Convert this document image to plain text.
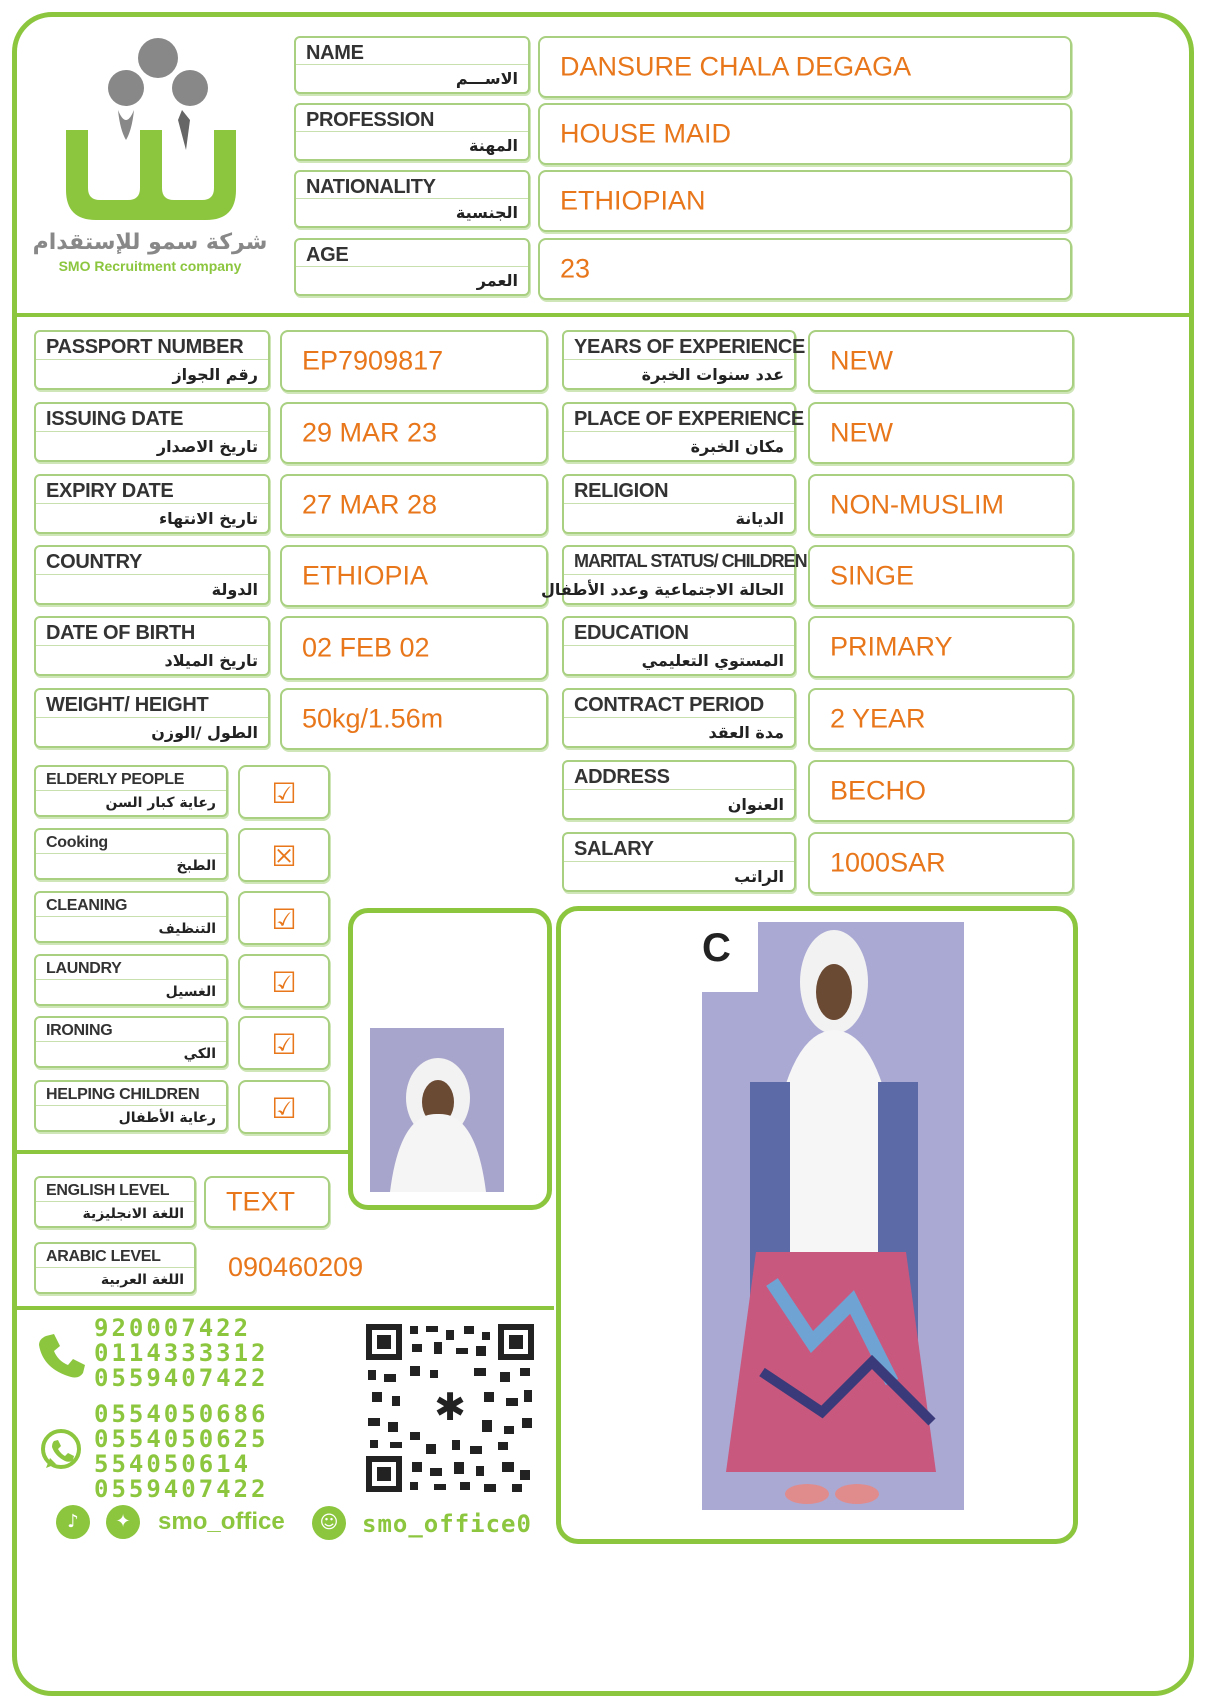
شركة سمو للإستقدام
SMO Recruitment company
NAME
الاســـم DANSURE CHALA DEGAGA
PROFESSION
المهنة HOUSE MAID
NATIONALITY
الجنسية ETHIOPIAN
AGE
العمر 23
PASSPORT NUMBER
رقم الجواز EP7909817
ISSUING DATE
تاريخ الاصدار 29 MAR 23
EXPIRY DATE
تاريخ الانتهاء 27 MAR 28
COUNTRY
الدولة ETHIOPIA
DATE OF BIRTH
تاريخ الميلاد 02 FEB 02
WEIGHT/ HEIGHT
الطول /الوزن 50kg/1.56m
YEARS OF EXPERIENCE
عدد سنوات الخبرة NEW
PLACE OF EXPERIENCE
مكان الخبرة NEW
RELIGION
الديانة NON-MUSLIM
MARITAL STATUS/ CHILDREN
الحالة الاجتماعية وعدد الأطفال SINGE
EDUCATION
المستوي التعليمي PRIMARY
CONTRACT PERIOD
مدة العقد 2 YEAR
ADDRESS
العنوان BECHO
SALARY
الراتب 1000SAR
ELDERLY PEOPLE
رعاية كبار السن	☑
Cooking
الطبخ	☒
CLEANING
التنظيف	☑
LAUNDRY
الغسيل	☑
IRONING
الكي	☑
HELPING CHILDREN
رعاية الأطفال	☑
ENGLISH LEVEL
اللغة الانجليزية TEXT
ARABIC LEVEL
اللغة العربية 090460209
C
920007422
0114333312
0559407422
0554050686
0554050625
554050614
0559407422
♪	✦	smo_office	☺ smo_office0
✱
